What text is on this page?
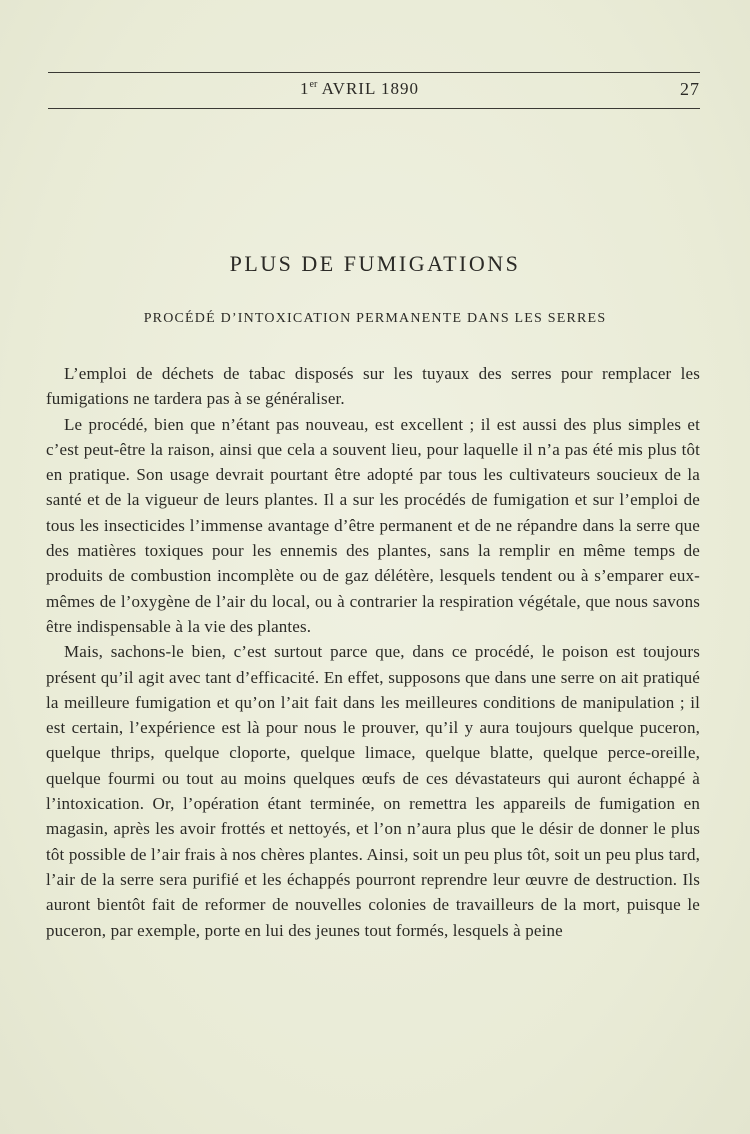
1er AVRIL 1890	27
PLUS DE FUMIGATIONS
PROCÉDÉ D’INTOXICATION PERMANENTE DANS LES SERRES

L’emploi de déchets de tabac disposés sur les tuyaux des serres pour remplacer les fumigations ne tardera pas à se généraliser.

Le procédé, bien que n’étant pas nouveau, est excellent ; il est aussi des plus simples et c’est peut-être la raison, ainsi que cela a souvent lieu, pour laquelle il n’a pas été mis plus tôt en pratique. Son usage devrait pourtant être adopté par tous les cultivateurs soucieux de la santé et de la vigueur de leurs plantes. Il a sur les procédés de fumigation et sur l’emploi de tous les insecticides l’immense avantage d’être permanent et de ne répandre dans la serre que des matières toxiques pour les ennemis des plantes, sans la remplir en même temps de produits de combustion incomplète ou de gaz délétère, lesquels tendent ou à s’emparer eux-mêmes de l’oxygène de l’air du local, ou à contrarier la respiration végétale, que nous savons être indispensable à la vie des plantes.

Mais, sachons-le bien, c’est surtout parce que, dans ce procédé, le poison est toujours présent qu’il agit avec tant d’efficacité. En effet, supposons que dans une serre on ait pratiqué la meilleure fumigation et qu’on l’ait fait dans les meilleures conditions de manipulation ; il est certain, l’expérience est là pour nous le prouver, qu’il y aura toujours quelque puceron, quelque thrips, quelque cloporte, quelque limace, quelque blatte, quelque perce-oreille, quelque fourmi ou tout au moins quelques œufs de ces dévastateurs qui auront échappé à l’intoxication. Or, l’opération étant terminée, on remettra les appareils de fumigation en magasin, après les avoir frottés et nettoyés, et l’on n’aura plus que le désir de donner le plus tôt possible de l’air frais à nos chères plantes. Ainsi, soit un peu plus tôt, soit un peu plus tard, l’air de la serre sera purifié et les échappés pourront reprendre leur œuvre de destruction. Ils auront bientôt fait de reformer de nouvelles colonies de travailleurs de la mort, puisque le puceron, par exemple, porte en lui des jeunes tout formés, lesquels à peine
